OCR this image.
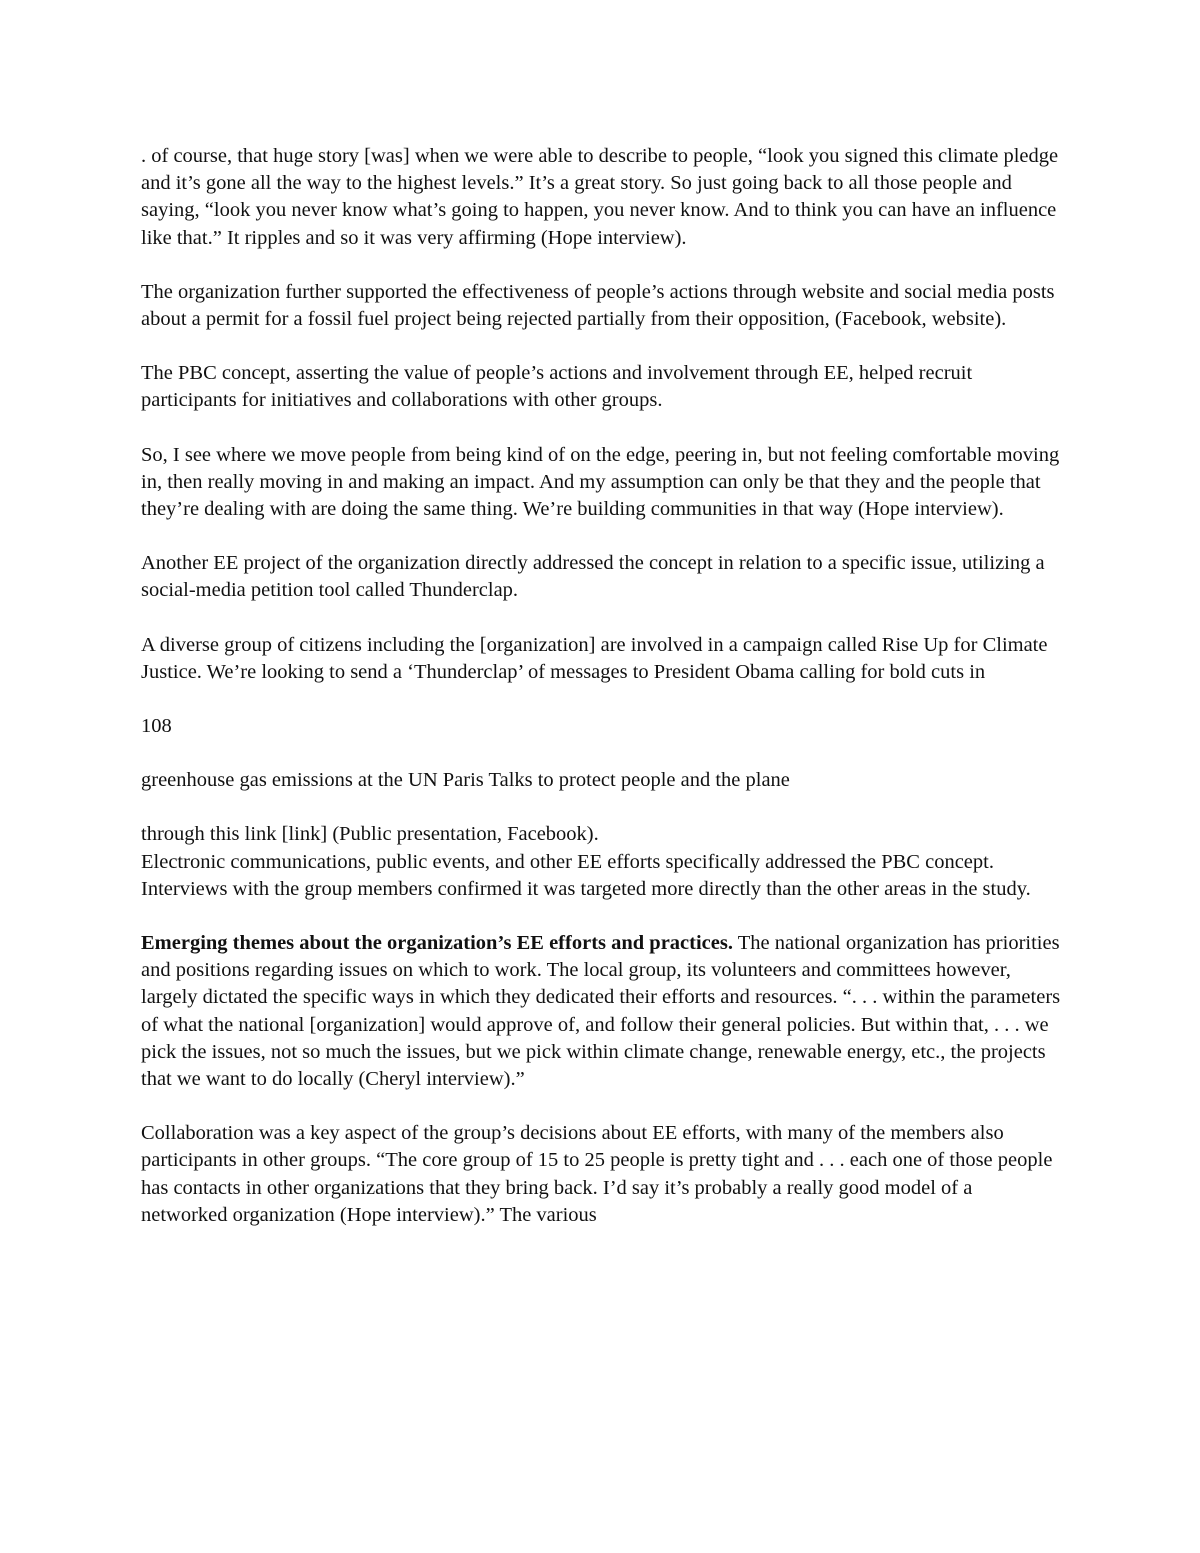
. of course, that huge story [was] when we were able to describe to people, “look you signed this climate pledge and it’s gone all the way to the highest levels.” It’s a great story. So just going back to all those people and saying, “look you never know what’s going to happen, you never know. And to think you can have an influence like that.” It ripples and so it was very affirming (Hope interview).

The organization further supported the effectiveness of people’s actions through website and social media posts about a permit for a fossil fuel project being rejected partially from their opposition, (Facebook, website).

The PBC concept, asserting the value of people’s actions and involvement through EE, helped recruit participants for initiatives and collaborations with other groups.

So, I see where we move people from being kind of on the edge, peering in, but not feeling comfortable moving in, then really moving in and making an impact. And my assumption can only be that they and the people that they’re dealing with are doing the same thing. We’re building communities in that way (Hope interview).

Another EE project of the organization directly addressed the concept in relation to a specific issue, utilizing a social-media petition tool called Thunderclap.

A diverse group of citizens including the [organization] are involved in a campaign called Rise Up for Climate Justice. We’re looking to send a ‘Thunderclap’ of messages to President Obama calling for bold cuts in

108

greenhouse gas emissions at the UN Paris Talks to protect people and the plane

through this link [link] (Public presentation, Facebook).

Electronic communications, public events, and other EE efforts specifically addressed the PBC concept. Interviews with the group members confirmed it was targeted more directly than the other areas in the study.

Emerging themes about the organization’s EE efforts and practices. The national organization has priorities and positions regarding issues on which to work. The local group, its volunteers and committees however, largely dictated the specific ways in which they dedicated their efforts and resources. “. . . within the parameters of what the national [organization] would approve of, and follow their general policies. But within that, . . . we pick the issues, not so much the issues, but we pick within climate change, renewable energy, etc., the projects that we want to do locally (Cheryl interview).”

Collaboration was a key aspect of the group’s decisions about EE efforts, with many of the members also participants in other groups. “The core group of 15 to 25 people is pretty tight and . . . each one of those people has contacts in other organizations that they bring back. I’d say it’s probably a really good model of a networked organization (Hope interview).” The various
